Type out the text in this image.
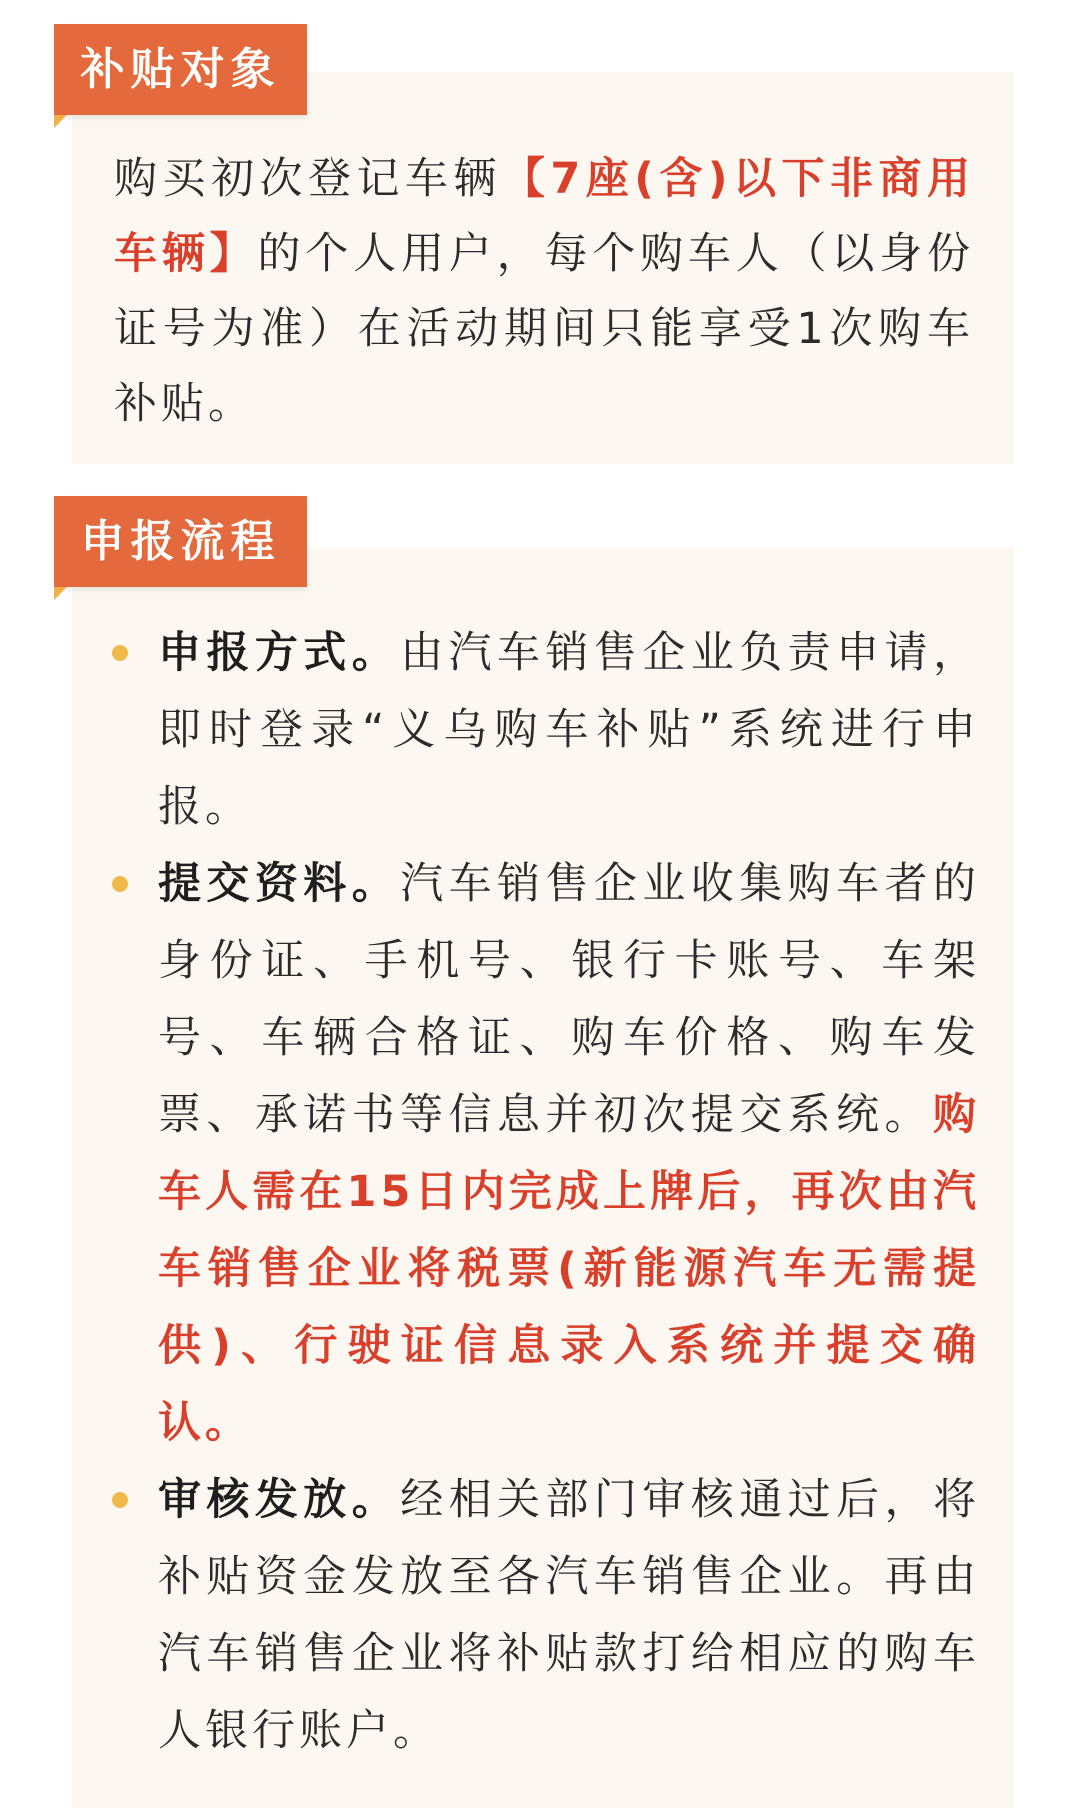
补贴对象
购买初次登记车辆【7座(含)以下非商用车辆】的个人用户，每个购车人（以身份证号为准）在活动期间只能享受1次购车补贴。
申报流程
申报方式。由汽车销售企业负责申请，即时登录“义乌购车补贴”系统进行申报。
提交资料。汽车销售企业收集购车者的身份证、手机号、银行卡账号、车架号、车辆合格证、购车价格、购车发票、承诺书等信息并初次提交系统。购车人需在15日内完成上牌后，再次由汽车销售企业将税票(新能源汽车无需提供)、行驶证信息录入系统并提交确认。
审核发放。经相关部门审核通过后，将补贴资金发放至各汽车销售企业。再由汽车销售企业将补贴款打给相应的购车人银行账户。
